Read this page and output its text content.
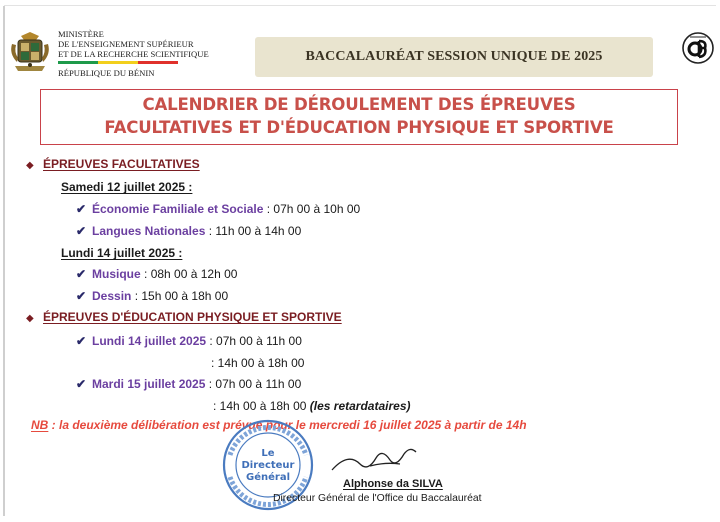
MINISTÈRE
DE L'ENSEIGNEMENT SUPÉRIEUR
ET DE LA RECHERCHE SCIENTIFIQUE
RÉPUBLIQUE DU BÉNIN
BACCALAURÉAT SESSION UNIQUE DE 2025
CALENDRIER DE DÉROULEMENT DES ÉPREUVES
FACULTATIVES ET D'ÉDUCATION PHYSIQUE ET SPORTIVE
◆ ÉPREUVES FACULTATIVES
Samedi 12 juillet 2025 :
✔ Économie Familiale et Sociale : 07h 00 à 10h 00
✔ Langues Nationales : 11h 00 à 14h 00
Lundi 14 juillet 2025 :
✔ Musique : 08h 00 à 12h 00
✔ Dessin : 15h 00 à 18h 00
◆ ÉPREUVES D'ÉDUCATION PHYSIQUE ET SPORTIVE
✔ Lundi 14 juillet 2025 : 07h 00 à 11h 00
: 14h 00 à 18h 00
✔ Mardi 15 juillet 2025 : 07h 00 à 11h 00
: 14h 00 à 18h 00 (les retardataires)
NB : la deuxième délibération est prévue pour le mercredi 16 juillet 2025 à partir de 14h
Le
Directeur
Général
Alphonse da SILVA
Directeur Général de l'Office du Baccalauréat
